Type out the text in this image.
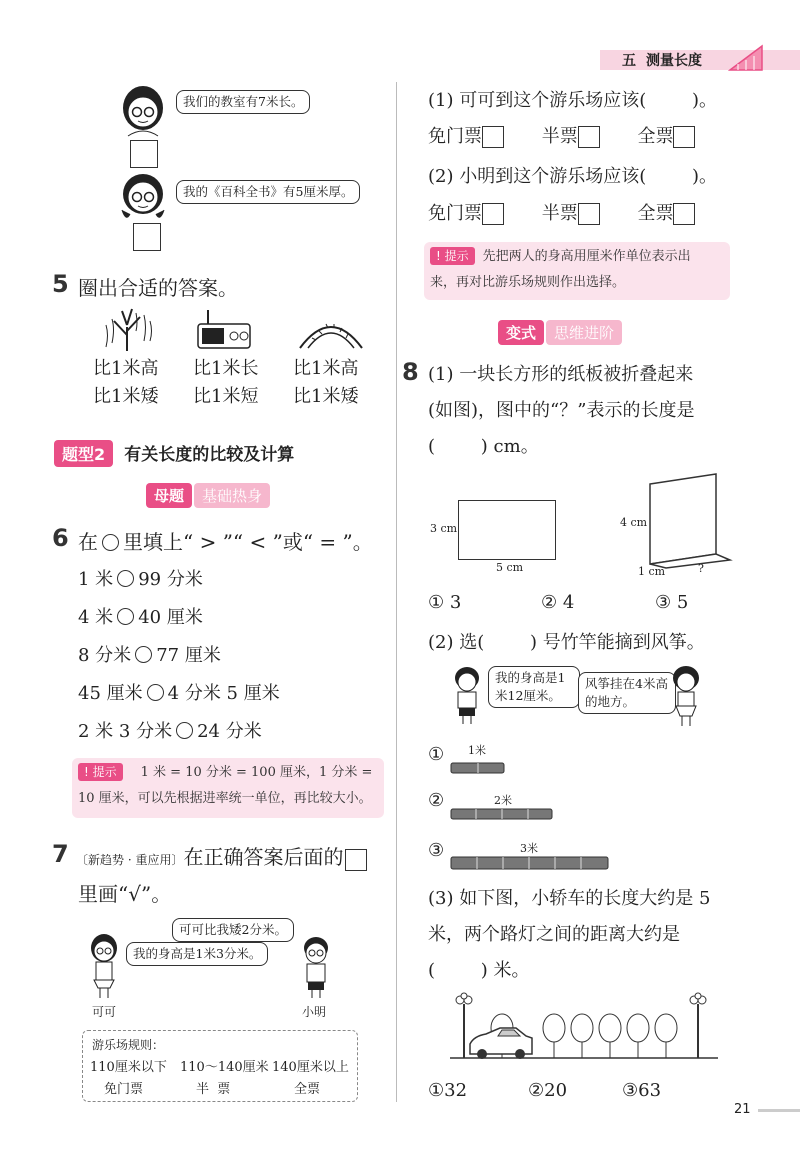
五 测量长度
我们的教室有7米长。
我的《百科全书》有5厘米厚。
5 圈出合适的答案。
比1米高
比1米矮
比1米长
比1米短
比1米高
比1米矮
题型2 有关长度的比较及计算
母题 基础热身
6 在 里填上“ > ”“ < ”或“ = ”。
1 米 99 分米
4 米 40 厘米
8 分米 77 厘米
45 厘米 4 分米 5 厘米
2 米 3 分米 24 分米
! 提示 1 米 = 10 分米 = 100 厘米，1 分米 =
10 厘米，可以先根据进率统一单位，再比较大小。
7 〔新趋势 · 重应用〕在正确答案后面的
里画“√”。
可可比我矮2分米。
我的身高是1米3分米。
可可	小明
游乐场规则：
110厘米以下 110～140厘米 140厘米以上
免门票	半  票	全票
(1) 可可到这个游乐场应该(        )。
免门票	半票	全票
(2) 小明到这个游乐场应该(        )。
免门票	半票	全票
! 提示 先把两人的身高用厘米作单位表示出
来，再对比游乐场规则作出选择。
变式 思维进阶
8 (1) 一块长方形的纸板被折叠起来
(如图)，图中的“？”表示的长度是
(        ) cm。
3 cm
5 cm
4 cm
1 cm	?
① 3	② 4	③ 5
(2) 选(        ) 号竹竿能摘到风筝。
我的身高是1米12厘米。
风筝挂在4米高的地方。
① 1米
②	2米
③	3米
(3) 如下图，小轿车的长度大约是 5
米，两个路灯之间的距离大约是
(        ) 米。
①32	②20	③63
21
